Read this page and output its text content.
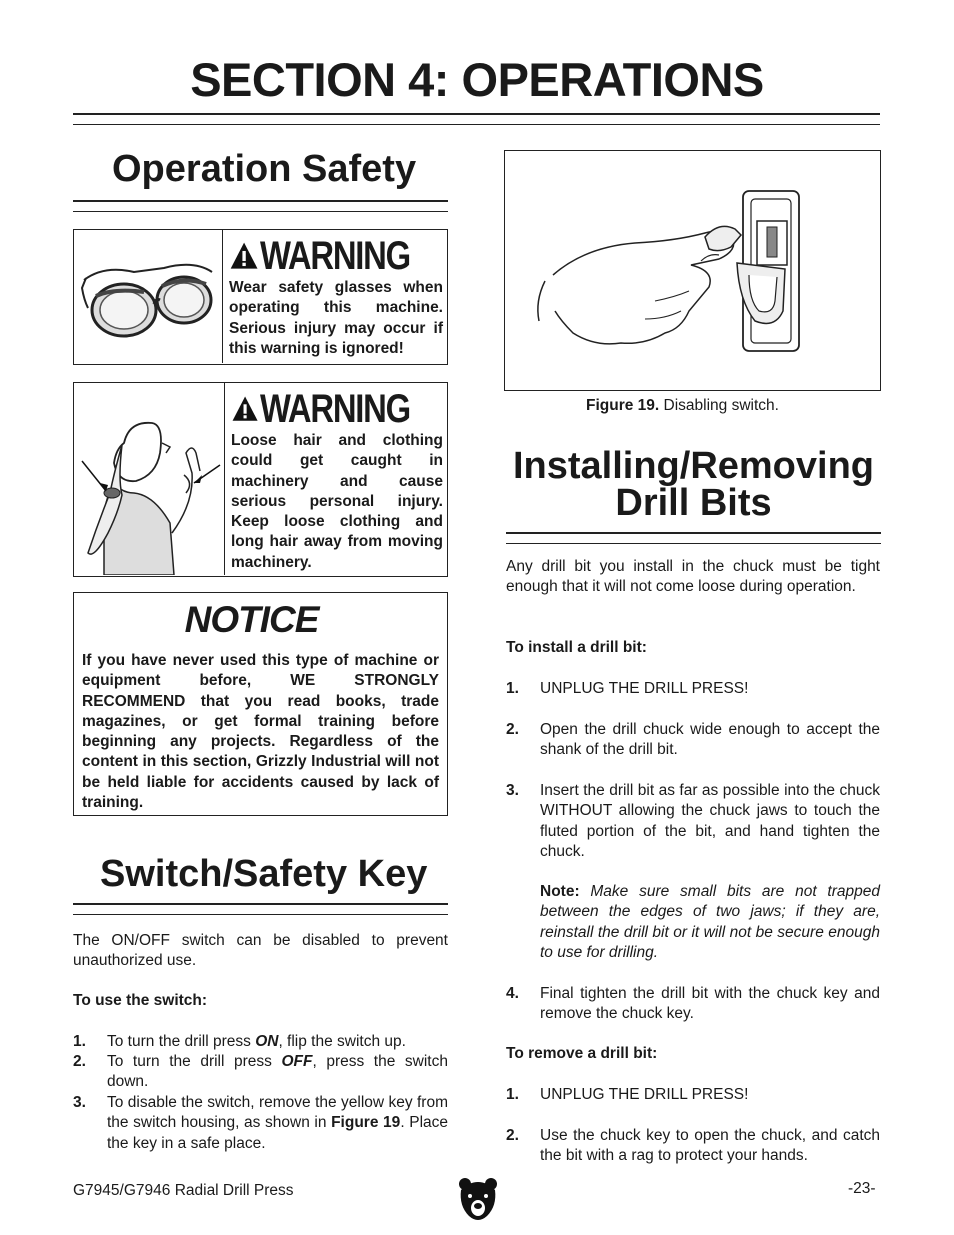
SECTION 4: OPERATIONS
Operation Safety
WARNING
Wear safety glasses when operating this machine. Serious injury may occur if this warning is ignored!
WARNING
Loose hair and clothing could get caught in machinery and cause serious personal injury. Keep loose clothing and long hair away from moving machinery.
NOTICE
If you have never used this type of machine or equipment before, WE STRONGLY RECOMMEND that you read books, trade magazines, or get formal training before beginning any projects. Regardless of the content in this section, Grizzly Industrial will not be held liable for accidents caused by lack of training.
Switch/Safety Key
The ON/OFF switch can be disabled to prevent unauthorized use.
To use the switch:
1. To turn the drill press ON, flip the switch up.
2. To turn the drill press OFF, press the switch down.
3. To disable the switch, remove the yellow key from the switch housing, as shown in Figure 19. Place the key in a safe place.
Figure 19. Disabling switch.
Installing/Removing
Drill Bits
Any drill bit you install in the chuck must be tight enough that it will not come loose during operation.
To install a drill bit:
1. UNPLUG THE DRILL PRESS!
2. Open the drill chuck wide enough to accept the shank of the drill bit.
3. Insert the drill bit as far as possible into the chuck WITHOUT allowing the chuck jaws to touch the fluted portion of the bit, and hand tighten the chuck.
Note: Make sure small bits are not trapped between the edges of two jaws; if they are, reinstall the drill bit or it will not be secure enough to use for drilling.
4. Final tighten the drill bit with the chuck key and remove the chuck key.
To remove a drill bit:
1. UNPLUG THE DRILL PRESS!
2. Use the chuck key to open the chuck, and catch the bit with a rag to protect your hands.
G7945/G7946 Radial Drill Press	-23-
